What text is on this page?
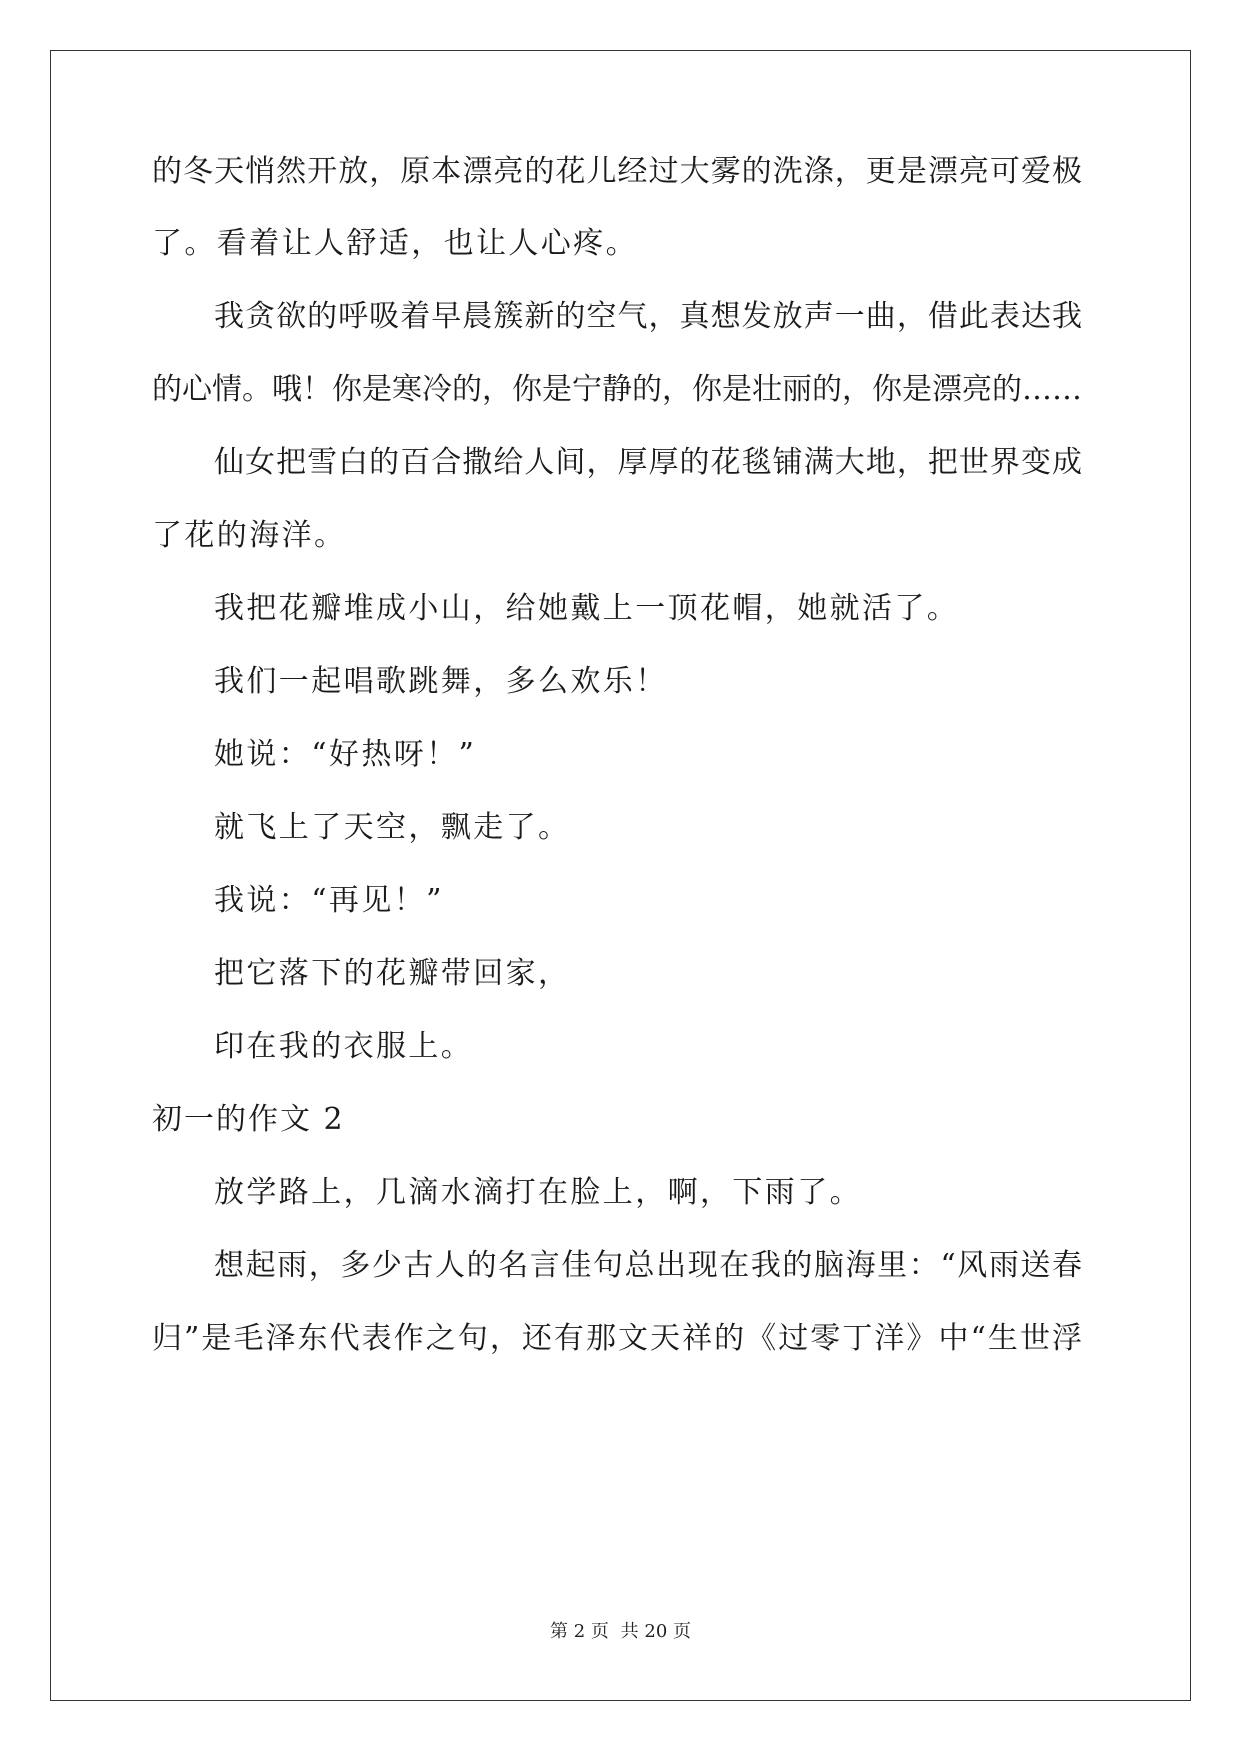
的冬天悄然开放，原本漂亮的花儿经过大雾的洗涤，更是漂亮可爱极
了。看着让人舒适，也让人心疼。
我贪欲的呼吸着早晨簇新的空气，真想发放声一曲，借此表达我
的心情。哦！你是寒冷的，你是宁静的，你是壮丽的，你是漂亮的……
仙女把雪白的百合撒给人间，厚厚的花毯铺满大地，把世界变成
了花的海洋。
我把花瓣堆成小山，给她戴上一顶花帽，她就活了。
我们一起唱歌跳舞，多么欢乐！
她说：“好热呀！”
就飞上了天空，飘走了。
我说：“再见！”
把它落下的花瓣带回家，
印在我的衣服上。
初一的作文 2
放学路上，几滴水滴打在脸上，啊，下雨了。
想起雨，多少古人的名言佳句总出现在我的脑海里：“风雨送春
归”是毛泽东代表作之句，还有那文天祥的《过零丁洋》中“生世浮
第 2 页 共 20 页
